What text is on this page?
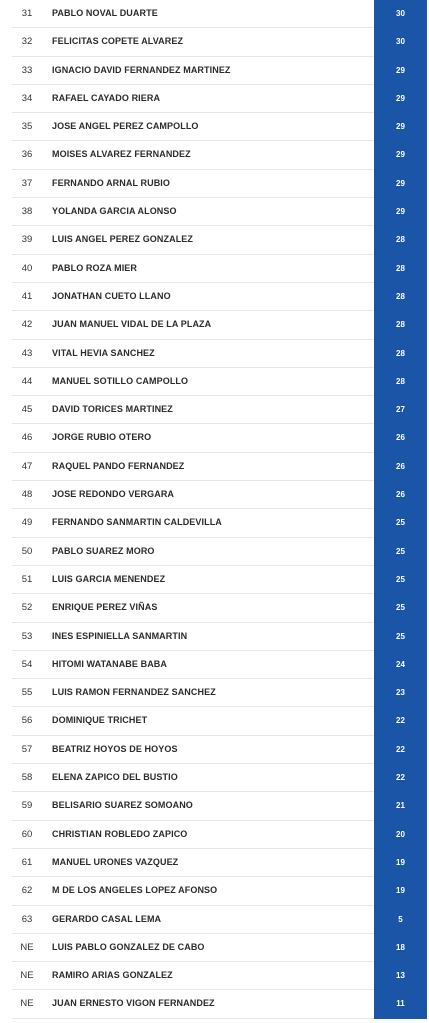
31	PABLO NOVAL DUARTE	30
32	FELICITAS COPETE ALVAREZ	30
33	IGNACIO DAVID FERNANDEZ MARTINEZ	29
34	RAFAEL CAYADO RIERA	29
35	JOSE ANGEL PEREZ CAMPOLLO	29
36	MOISES ALVAREZ FERNANDEZ	29
37	FERNANDO ARNAL RUBIO	29
38	YOLANDA GARCIA ALONSO	29
39	LUIS ANGEL PEREZ GONZALEZ	28
40	PABLO ROZA MIER	28
41	JONATHAN CUETO LLANO	28
42	JUAN MANUEL VIDAL DE LA PLAZA	28
43	VITAL HEVIA SANCHEZ	28
44	MANUEL SOTILLO CAMPOLLO	28
45	DAVID TORICES MARTINEZ	27
46	JORGE RUBIO OTERO	26
47	RAQUEL PANDO FERNANDEZ	26
48	JOSE REDONDO VERGARA	26
49	FERNANDO SANMARTIN CALDEVILLA	25
50	PABLO SUAREZ MORO	25
51	LUIS GARCIA MENENDEZ	25
52	ENRIQUE PEREZ VIÑAS	25
53	INES ESPINIELLA SANMARTIN	25
54	HITOMI WATANABE BABA	24
55	LUIS RAMON FERNANDEZ SANCHEZ	23
56	DOMINIQUE TRICHET	22
57	BEATRIZ HOYOS DE HOYOS	22
58	ELENA ZAPICO DEL BUSTIO	22
59	BELISARIO SUAREZ SOMOANO	21
60	CHRISTIAN ROBLEDO ZAPICO	20
61	MANUEL URONES VAZQUEZ	19
62	M DE LOS ANGELES LOPEZ AFONSO	19
63	GERARDO CASAL LEMA	5
NE	LUIS PABLO GONZALEZ DE CABO	18
NE	RAMIRO ARIAS GONZALEZ	13
NE	JUAN ERNESTO VIGON FERNANDEZ	11
